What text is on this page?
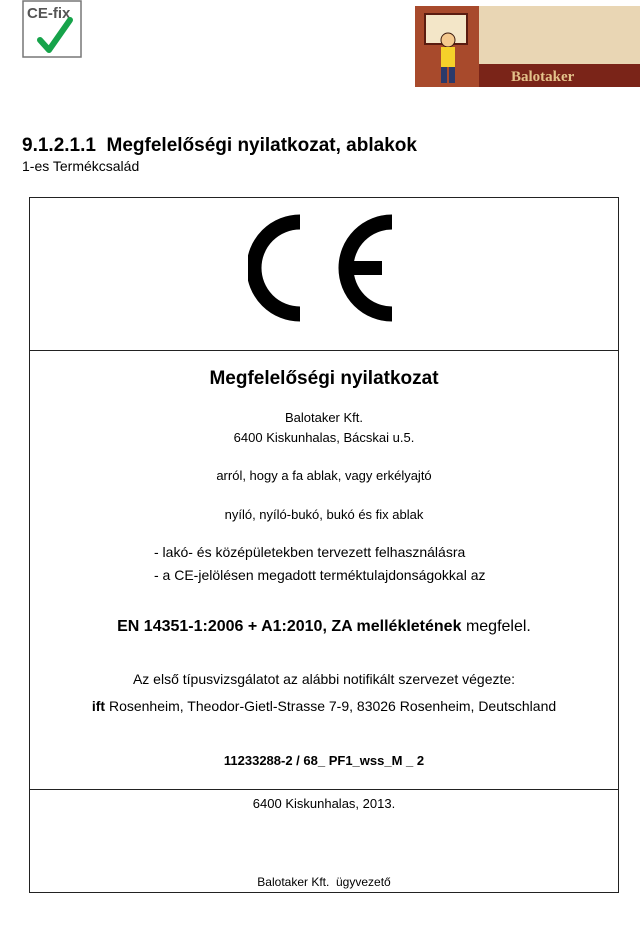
CE-fix
Balotaker
9.1.2.1.1 Megfelelőségi nyilatkozat, ablakok
1-es Termékcsalád
Megfelelőségi nyilatkozat
Balotaker Kft.
6400 Kiskunhalas, Bácskai u.5.
arról, hogy a fa ablak, vagy erkélyajtó
nyíló, nyíló-bukó, bukó és fix ablak
- lakó- és középületekben tervezett felhasználásra
- a CE-jelölésen megadott terméktulajdonságokkal az
EN 14351-1:2006 + A1:2010, ZA mellékletének megfelel.
Az első típusvizsgálatot az alábbi notifikált szervezet végezte:
ift Rosenheim, Theodor-Gietl-Strasse 7-9, 83026 Rosenheim, Deutschland
11233288-2 / 68_ PF1_wss_M _ 2
6400 Kiskunhalas, 2013.
Balotaker Kft.  ügyvezető
